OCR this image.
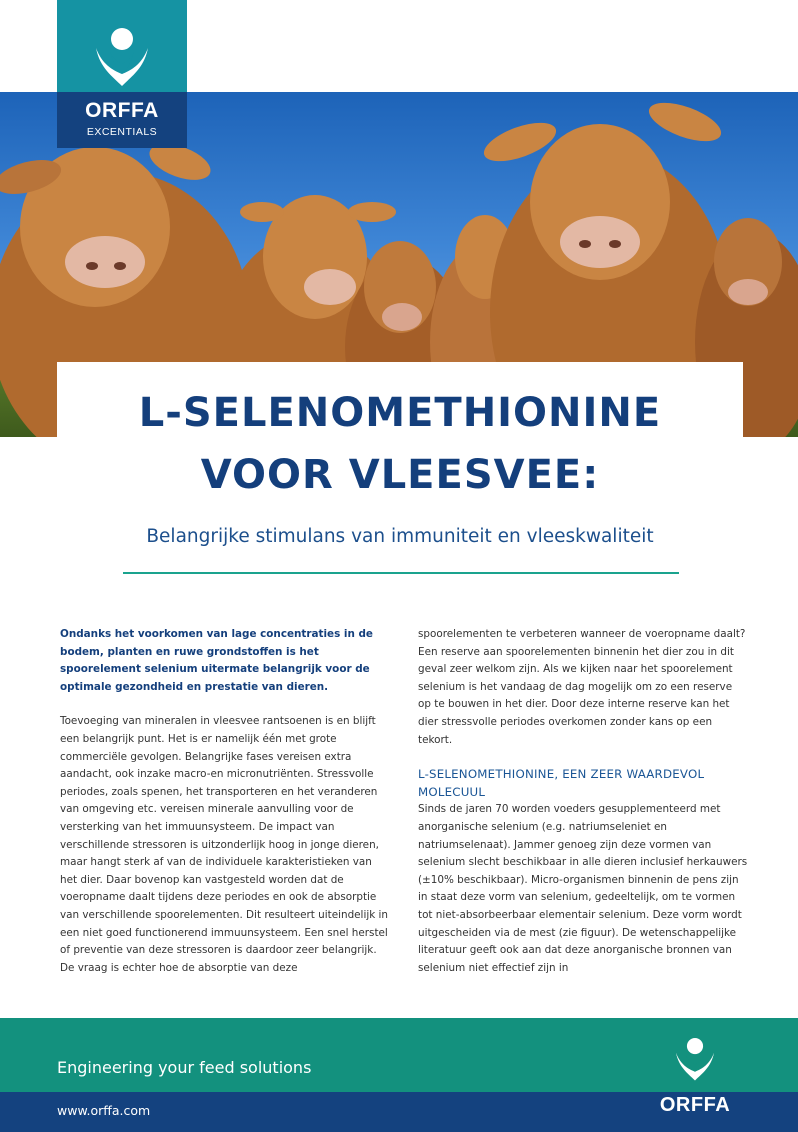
ORFFA
EXCENTIALS
L-SELENOMETHIONINE
VOOR VLEESVEE:
Belangrijke stimulans van immuniteit en vleeskwaliteit

Ondanks het voorkomen van lage concentraties in de bodem, planten en ruwe grondstoffen is het spoorelement selenium uitermate belangrijk voor de optimale gezondheid en prestatie van dieren.

Toevoeging van mineralen in vleesvee rantsoenen is en blijft een belangrijk punt. Het is er namelijk één met grote commerciële gevolgen. Belangrijke fases vereisen extra aandacht, ook inzake macro-en micronutriënten. Stressvolle periodes, zoals spenen, het transporteren en het veranderen van omgeving etc. vereisen minerale aanvulling voor de versterking van het immuunsysteem. De impact van verschillende stressoren is uitzonderlijk hoog in jonge dieren, maar hangt sterk af van de individuele karakteristieken van het dier. Daar bovenop kan vastgesteld worden dat de voeropname daalt tijdens deze periodes en ook de absorptie van verschillende spoorelementen. Dit resulteert uiteindelijk in een niet goed functionerend immuunsysteem. Een snel herstel of preventie van deze stressoren is daardoor zeer belangrijk. De vraag is echter hoe de absorptie van deze

spoorelementen te verbeteren wanneer de voeropname daalt? Een reserve aan spoorelementen binnenin het dier zou in dit geval zeer welkom zijn. Als we kijken naar het spoorelement selenium is het vandaag de dag mogelijk om zo een reserve op te bouwen in het dier. Door deze interne reserve kan het dier stressvolle periodes overkomen zonder kans op een tekort.

L-SELENOMETHIONINE, EEN ZEER WAARDEVOL MOLECUUL

Sinds de jaren 70 worden voeders gesupplementeerd met anorganische selenium (e.g. natriumseleniet en natriumselenaat). Jammer genoeg zijn deze vormen van selenium slecht beschikbaar in alle dieren inclusief herkauwers (±10% beschikbaar). Micro-organismen binnenin de pens zijn in staat deze vorm van selenium, gedeeltelijk, om te vormen tot niet-absorbeerbaar elementair selenium. Deze vorm wordt uitgescheiden via de mest (zie figuur). De wetenschappelijke literatuur geeft ook aan dat deze anorganische bronnen van selenium niet effectief zijn in

Engineering your feed solutions
www.orffa.com	ORFFA
